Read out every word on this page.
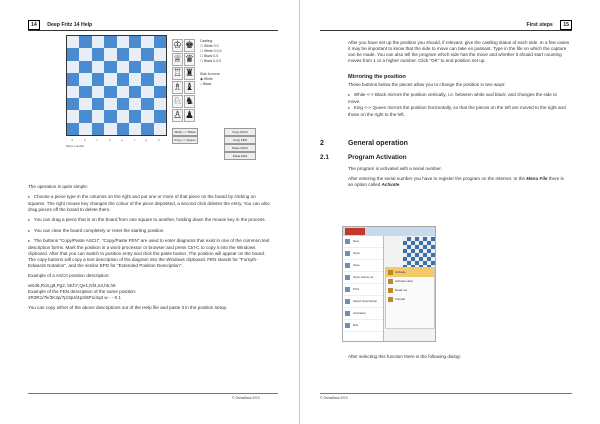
14 Deep Fritz 14 Help
a	b	c	d	e	f	g	h
Move number
♔ ♚
♕ ♛
♖ ♜
♗ ♝
♘ ♞
♙ ♟
Castling
☐ White 0-0
☐ White 0-0-0
☐ Black 0-0
☐ Black 0-0-0
Side to move
◉ White
○ Black
White <-> Black
King <-> Queen
Copy ASCII
Copy FEN
Paste ASCII
Paste FEN

The operation is quite simple:

♦ Choose a piece type in the columns on the right and put one or more of that piece on the board by clicking on squares. The right mouse key changes the colour of the piece deposited, a second click deletes the entry. You can also drag pieces off the board to delete them.

♦ You can drag a piece that is on the board from one square to another, holding down the mouse key in the process.

♦ You can clear the board completely or reset the starting position.

♦ The buttons "Copy/Paste ASCII", "Copy/Paste FEN" are used to enter diagrams that exist in one of the common text description forms. Mark the position in a word processor or browser and press Ctrl-C to copy it into the Windows clipboard. After that you can switch to position entry and click the paste button. The position will appear on the board. The copy buttons will copy a text description of the diagram into the Windows clipboard. FEN stands for "Forsyth-Edwards Notation", and the similar EPD for "Extended Position Description".

Example of a ASCII position description:

wKd6,Rc8,g8,Pg2, bKh7,Qe1,Nf4,e3,h5,h6

Example of the FEN description of the same position:

2R3R1/7k/3K2p/7p/3p4/4p3/6P1/4q3 w - - 0 1

You can copy either of the above descriptions out of the Help file and paste it in the position setup.

© ChessBase 2013
First steps 15
After you have set up the position you should, if relevant, give the castling status of each side. In a few cases it may be important to know that the side to move can take en passant. Type in the file on which the capture can be made. You can also tell the program which side has the move and whether it should start counting moves from 1 or a higher number. Click "OK" to end position set up.
Mirroring the position

These buttons below the pieces allow you to change the position in two ways:

♦ White <-> Black mirrors the position vertically, i.e. between white and black, and changes the side to move.

♦ King <-> Queen mirrors the position horizontally, so that the pieces on the left are moved to the right and those on the right to the left.

2	General operation
2.1	Program Activation

The program is activated with a serial number.

After entering the serial number you have to register the program on the Internet. In the Menu File there is an option called Activate.

After selecting this function there is the following dialog:
© ChessBase 2013
New
Open
Save
Open Game as
Print
Select Description
Activation
Exit
Activate
Activate Help
Read me
Tutorial
